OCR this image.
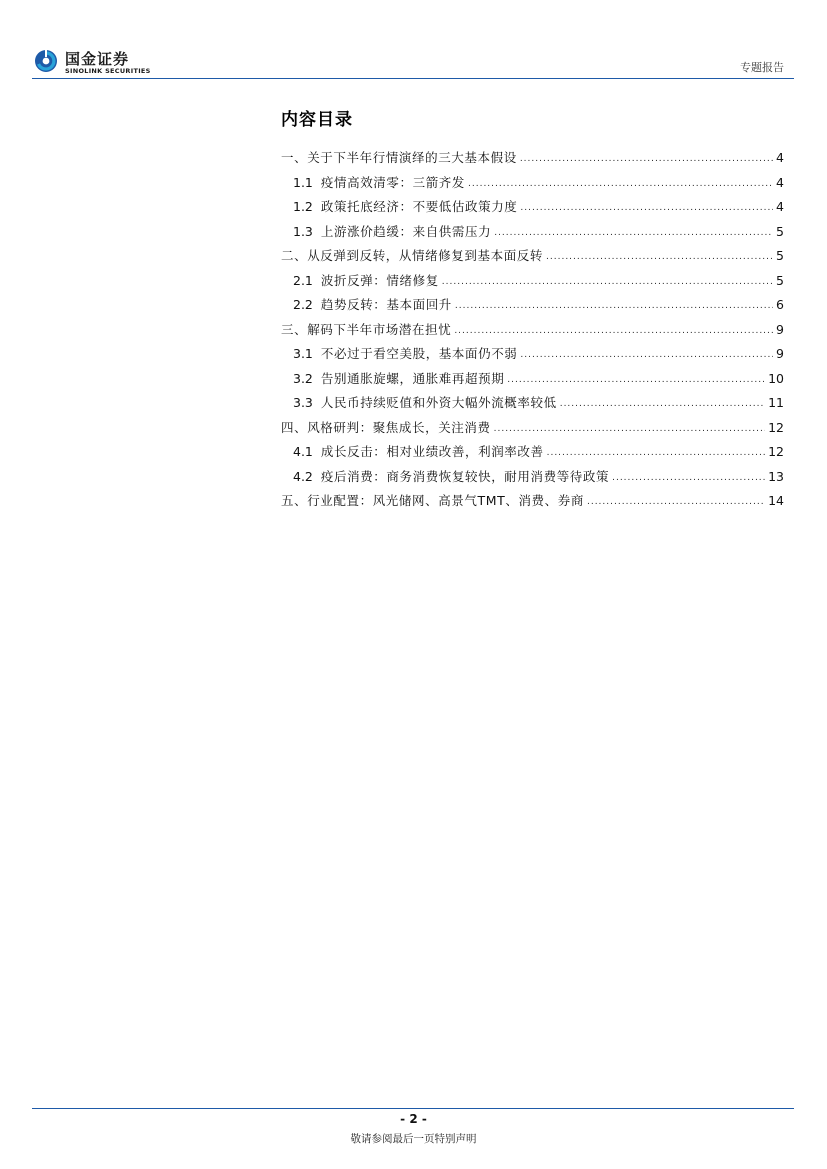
国金证券
SINOLINK SECURITIES	专题报告
内容目录
一、关于下半年行情演绎的三大基本假设 .....	4
1.1 疫情高效清零：三箭齐发 .....	4
1.2 政策托底经济：不要低估政策力度 .....	4
1.3 上游涨价趋缓：来自供需压力 .....	5
二、从反弹到反转，从情绪修复到基本面反转 .....	5
2.1 波折反弹：情绪修复 .....	5
2.2 趋势反转：基本面回升 .....	6
三、解码下半年市场潜在担忧 .....	9
3.1 不必过于看空美股，基本面仍不弱 .....	9
3.2 告别通胀旋螺，通胀难再超预期 .....	10
3.3 人民币持续贬值和外资大幅外流概率较低 .....	11
四、风格研判：聚焦成长，关注消费 .....	12
4.1 成长反击：相对业绩改善，利润率改善 .....	12
4.2 疫后消费：商务消费恢复较快，耐用消费等待政策 .....	13
五、行业配置：风光储网、高景气TMT、消费、券商 .....	14
- 2 -
敬请参阅最后一页特别声明
